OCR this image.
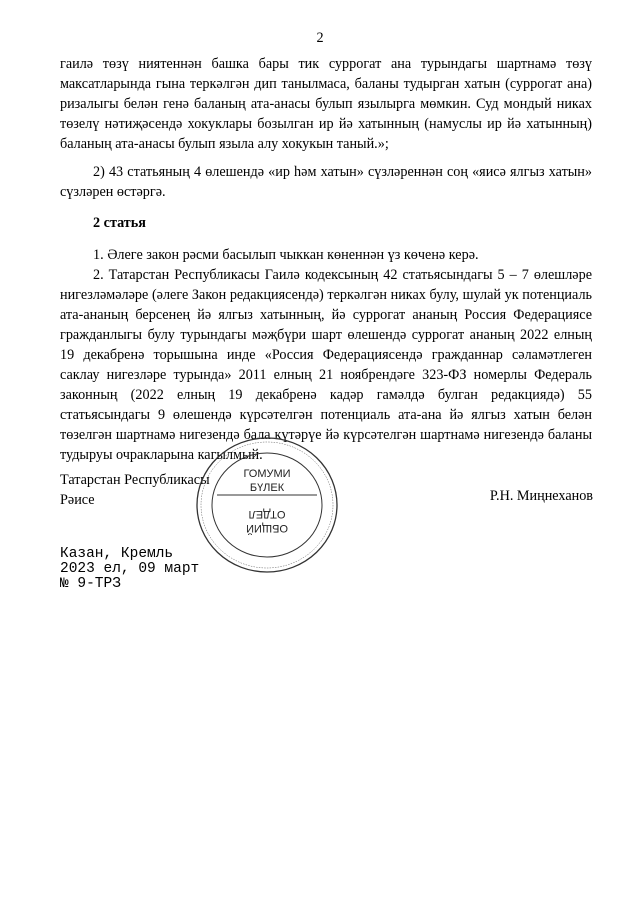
2

гаилә төзү ниятеннән башка бары тик суррогат ана турындагы шартнамә төзү максатларында гына теркәлгән дип танылмаса, баланы тудырган хатын (суррогат ана) ризалыгы белән генә баланың ата-анасы булып язылырга мөмкин. Суд мондый никах төзелү нәтиҗәсендә хокуклары бозылган ир йә хатынның (намуслы ир йә хатынның) баланың ата-анасы булып языла алу хокукын таный.»;

2) 43 статьяның 4 өлешендә «ир һәм хатын» сүзләреннән соң «яисә ялгыз хатын» сүзләрен өстәргә.

2 статья

1. Әлеге закон рәсми басылып чыккан көненнән үз көченә керә.

2. Татарстан Республикасы Гаилә кодексының 42 статьясындагы 5 – 7 өлешләре нигезләмәләре (әлеге Закон редакциясендә) теркәлгән никах булу, шулай ук потенциаль ата-ананың берсенең йә ялгыз хатынның, йә суррогат ананың Россия Федерациясе гражданлыгы булу турындагы мәҗбүри шарт өлешендә суррогат ананың 2022 елның 19 декабренә торышына инде «Россия Федерациясендә гражданнар сәламәтлеген саклау нигезләре турында» 2011 елның 21 ноябрендәге 323-ФЗ номерлы Федераль законның (2022 елның 19 декабренә кадәр гамәлдә булган редакциядә) 55 статьясындагы 9 өлешендә күрсәтелгән потенциаль ата-ана йә ялгыз хатын белән төзелгән шартнамә нигезендә бала күтәрүе йә күрсәтелгән шартнамә нигезендә баланы тудыруы очракларына кагылмый.

Татарстан Республикасы
Рәисе	Р.Н. Миңнеханов
ГОМУМИ
БҮЛЕК
ОТДЕЛ
ОБЩИЙ
Казан, Кремль
2023 ел, 09 март
№ 9-ТРЗ
